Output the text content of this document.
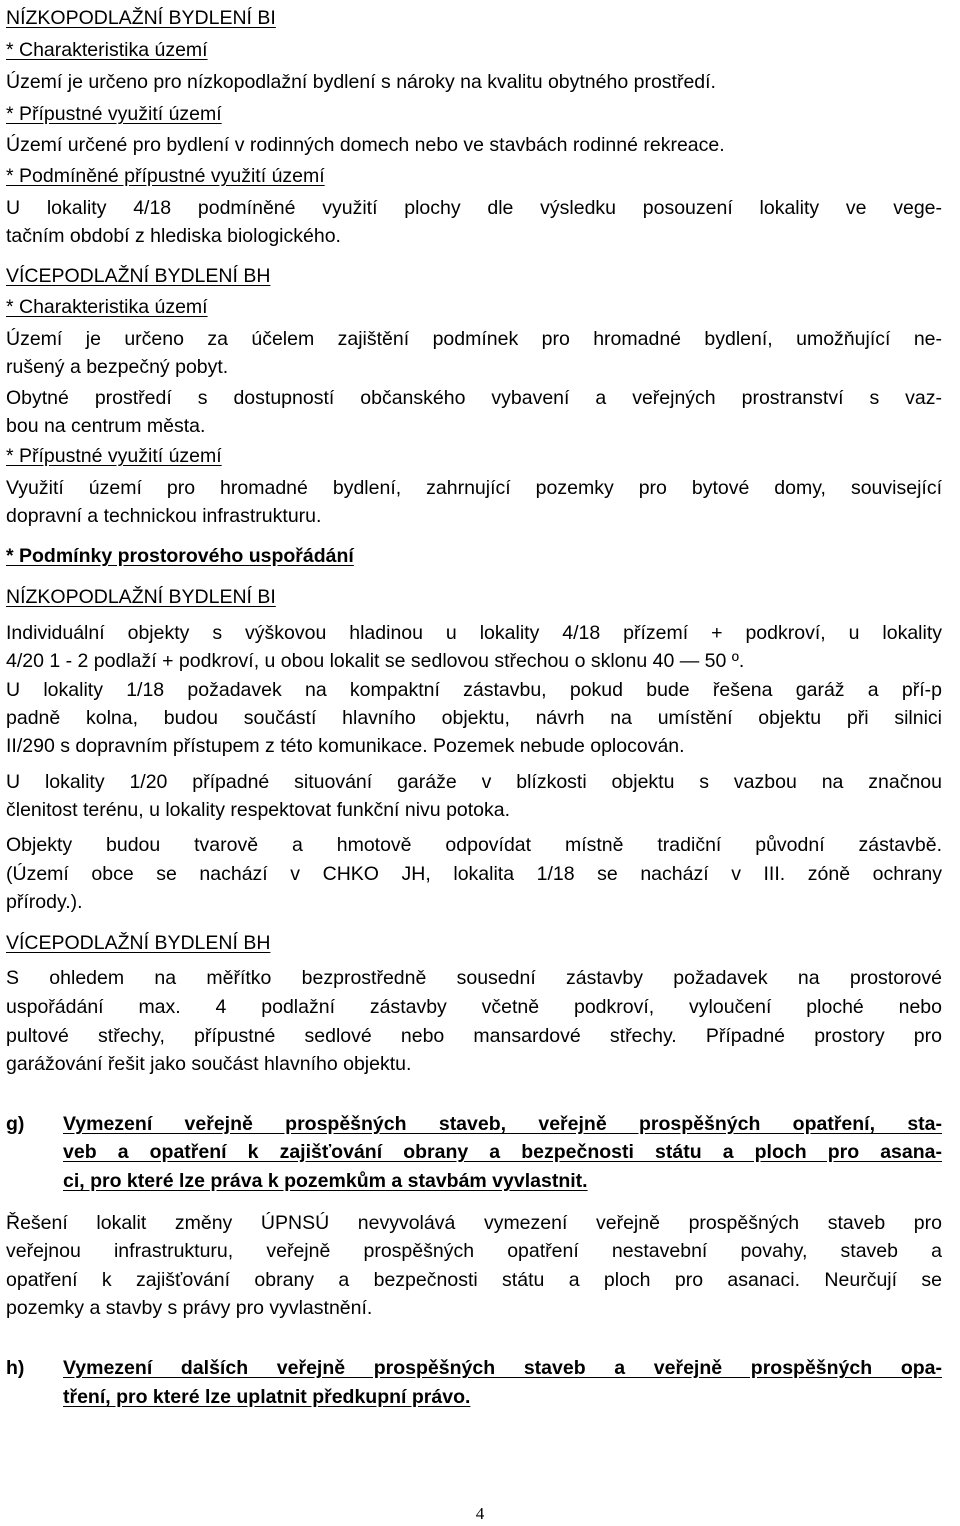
NÍZKOPODLAŽNÍ BYDLENÍ BI
* Charakteristika území
Území je určeno pro nízkopodlažní bydlení s nároky na kvalitu obytného prostředí.
* Přípustné využití území
Území určené pro bydlení v rodinných domech nebo ve stavbách rodinné rekreace.
* Podmíněné přípustné využití území
U lokality 4/18 podmíněné využití plochy dle výsledku posouzení lokality ve vege-
tačním období z hlediska biologického.
VÍCEPODLAŽNÍ BYDLENÍ BH
* Charakteristika území
Území je určeno za účelem zajištění podmínek pro hromadné bydlení, umožňující ne-
rušený a bezpečný pobyt.
Obytné prostředí s dostupností občanského vybavení a veřejných prostranství s vaz-
bou na centrum města.
* Přípustné využití území
Využití území pro hromadné bydlení, zahrnující pozemky pro bytové domy, související
dopravní a technickou infrastrukturu.
* Podmínky prostorového uspořádání
NÍZKOPODLAŽNÍ BYDLENÍ BI
Individuální objekty s výškovou hladinou u lokality 4/18 přízemí + podkroví, u lokality
4/20 1 - 2 podlaží + podkroví, u obou lokalit se sedlovou střechou o sklonu 40 — 50 º.
U lokality 1/18 požadavek na kompaktní zástavbu, pokud bude řešena garáž a pří-p
padně kolna, budou součástí hlavního objektu, návrh na umístění objektu při silnici
II/290 s dopravním přístupem z této komunikace. Pozemek nebude oplocován.
U lokality 1/20 případné situování garáže v blízkosti objektu s vazbou na značnou
členitost terénu, u lokality respektovat funkční nivu potoka.
Objekty budou tvarově a hmotově odpovídat místně tradiční původní zástavbě.
(Území obce se nachází v CHKO JH, lokalita 1/18 se nachází v III. zóně ochrany
přírody.).
VÍCEPODLAŽNÍ BYDLENÍ BH
S ohledem na měřítko bezprostředně sousední zástavby požadavek na prostorové
uspořádání max. 4 podlažní zástavby včetně podkroví, vyloučení ploché nebo
pultové střechy, přípustné sedlové nebo mansardové střechy. Případné prostory pro
garážování řešit jako součást hlavního objektu.
Řešení lokalit změny ÚPNSÚ nevyvolává vymezení veřejně prospěšných staveb pro
veřejnou infrastrukturu, veřejně prospěšných opatření nestavební povahy, staveb a
opatření k zajišťování obrany a bezpečnosti státu a ploch pro asanaci. Neurčují se
pozemky a stavby s právy pro vyvlastnění.
g) Vymezení veřejně prospěšných staveb, veřejně prospěšných opatření, sta-
veb a opatření k zajišťování obrany a bezpečnosti státu a ploch pro asana-
ci, pro které lze práva k pozemkům a stavbám vyvlastnit.
h) Vymezení dalších veřejně prospěšných staveb a veřejně prospěšných opa-
tření, pro které lze uplatnit předkupní právo.
4
